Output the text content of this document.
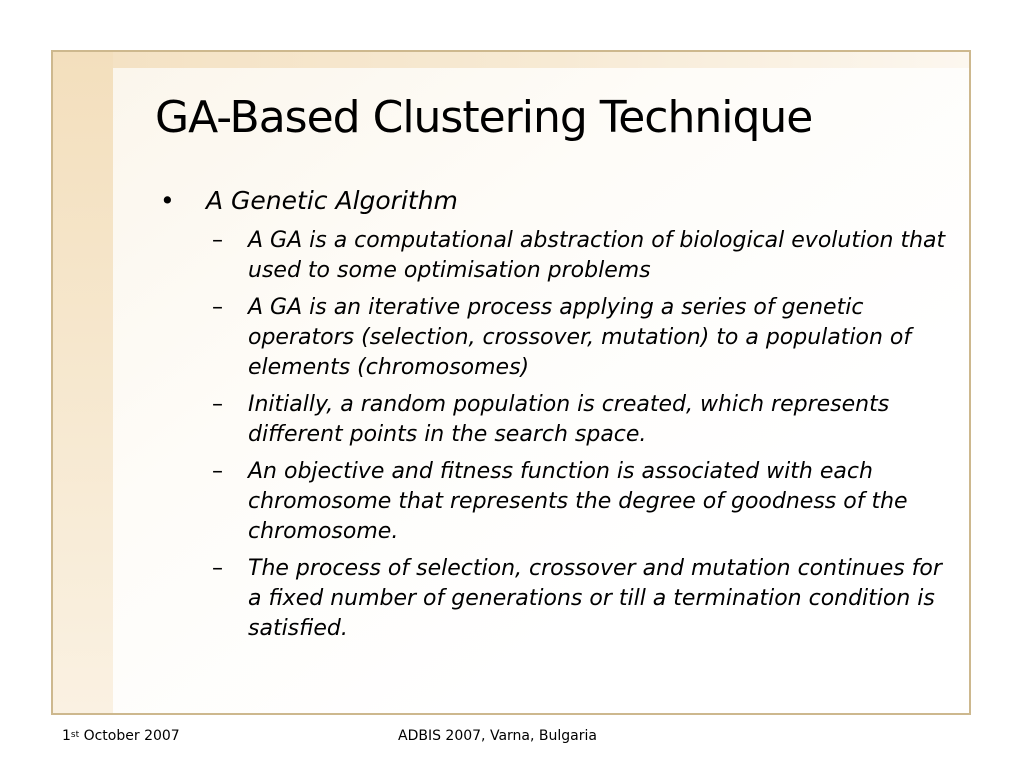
GA-Based Clustering Technique
• A Genetic Algorithm
– A GA is a computational abstraction of biological evolution that used to some optimisation problems
– A GA is an iterative process applying a series of genetic operators (selection, crossover, mutation) to a population of elements (chromosomes)
– Initially, a random population is created, which represents different points in the search space.
– An objective and fitness function is associated with each chromosome that represents the degree of goodness of the chromosome.
– The process of selection, crossover and mutation continues for a fixed number of generations or till a termination condition is satisfied.
1st October 2007	ADBIS 2007, Varna, Bulgaria
